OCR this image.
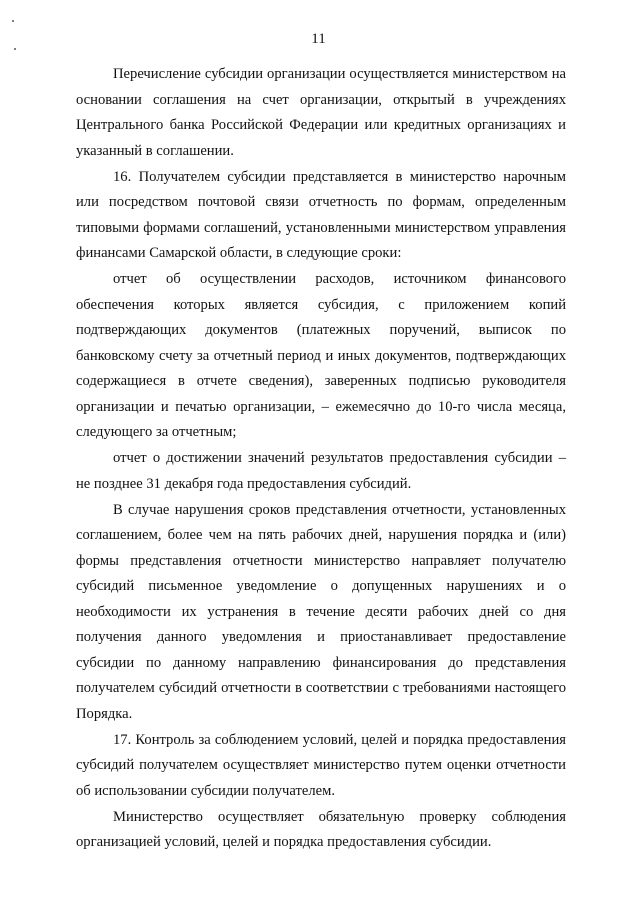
11

Перечисление субсидии организации осуществляется министерством на основании соглашения на счет организации, открытый в учреждениях Центрального банка Российской Федерации или кредитных организациях и указанный в соглашении.

16. Получателем субсидии представляется в министерство нарочным или посредством почтовой связи отчетность по формам, определенным типовыми формами соглашений, установленными министерством управления финансами Самарской области, в следующие сроки:

отчет об осуществлении расходов, источником финансового обеспечения которых является субсидия, с приложением копий подтверждающих документов (платежных поручений, выписок по банковскому счету за отчетный период и иных документов, подтверждающих содержащиеся в отчете сведения), заверенных подписью руководителя организации и печатью организации, – ежемесячно до 10-го числа месяца, следующего за отчетным;

отчет о достижении значений результатов предоставления субсидии – не позднее 31 декабря года предоставления субсидий.

В случае нарушения сроков представления отчетности, установленных соглашением, более чем на пять рабочих дней, нарушения порядка и (или) формы представления отчетности министерство направляет получателю субсидий письменное уведомление о допущенных нарушениях и о необходимости их устранения в течение десяти рабочих дней со дня получения данного уведомления и приостанавливает предоставление субсидии по данному направлению финансирования до представления получателем субсидий отчетности в соответствии с требованиями настоящего Порядка.

17. Контроль за соблюдением условий, целей и порядка предоставления субсидий получателем осуществляет министерство путем оценки отчетности об использовании субсидии получателем.

Министерство осуществляет обязательную проверку соблюдения организацией условий, целей и порядка предоставления субсидии.
